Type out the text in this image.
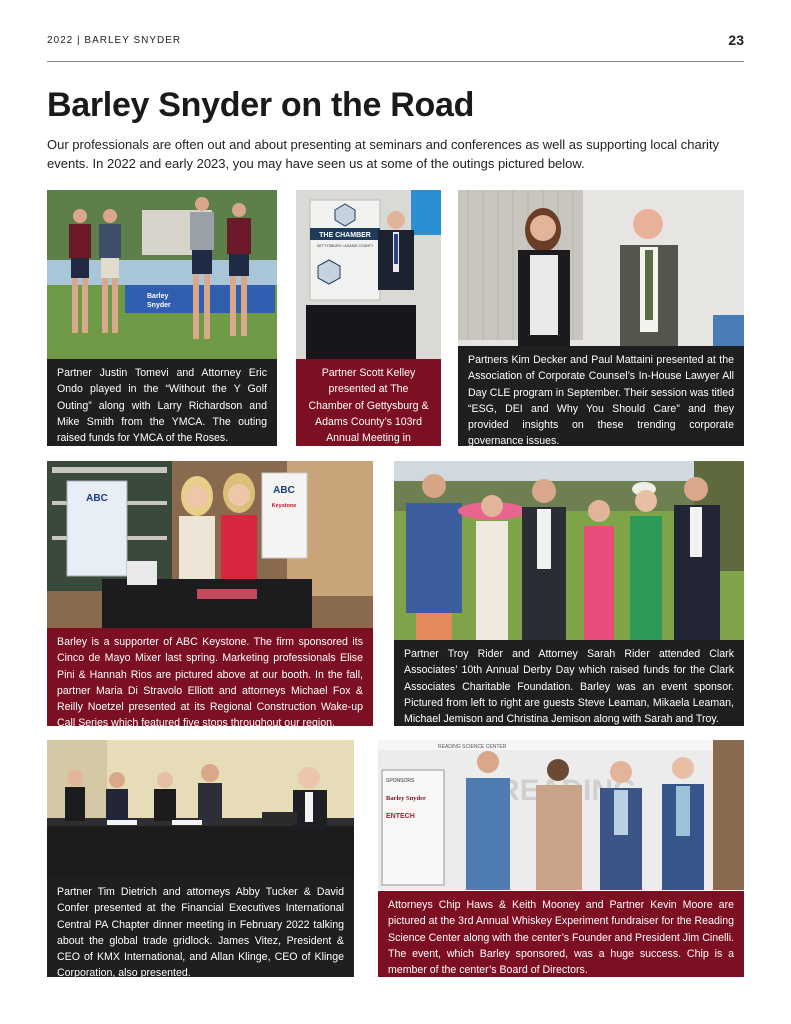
2022 | BARLEY SNYDER	23
Barley Snyder on the Road

Our professionals are often out and about presenting at seminars and conferences as well as supporting local charity events. In 2022 and early 2023, you may have seen us at some of the outings pictured below.

Barley
Snyder
Partner Justin Tomevi and Attorney Eric Ondo played in the “Without the Y Golf Outing” along with Larry Richardson and Mike Smith from the YMCA. The outing raised funds for YMCA of the Roses.
THE CHAMBER
GETTYSBURG • ADAMS COUNTY
Partner Scott Kelley presented at The Chamber of Gettysburg & Adams County’s 103rd Annual Meeting in November.
Partners Kim Decker and Paul Mattaini presented at the Association of Corporate Counsel’s In-House Lawyer All Day CLE program in September. Their session was titled “ESG, DEI and Why You Should Care” and they provided insights on these trending corporate governance issues.
ABC
ABC
Keystone
Barley is a supporter of ABC Keystone. The firm sponsored its Cinco de Mayo Mixer last spring. Marketing professionals Elise Pini & Hannah Rios are pictured above at our booth. In the fall, partner Maria Di Stravolo Elliott and attorneys Michael Fox & Reilly Noetzel presented at its Regional Construction Wake-up Call Series which featured five stops throughout our region.
Partner Troy Rider and Attorney Sarah Rider attended Clark Associates’ 10th Annual Derby Day which raised funds for the Clark Associates Charitable Foundation. Barley was an event sponsor. Pictured from left to right are guests Steve Leaman, Mikaela Leaman, Michael Jemison and Christina Jemison along with Sarah and Troy.
Partner Tim Dietrich and attorneys Abby Tucker & David Confer presented at the Financial Executives International Central PA Chapter dinner meeting in February 2022 talking about the global trade gridlock. James Vitez, President & CEO of KMX International, and Allan Klinge, CEO of Klinge Corporation, also presented.
READING SCIENCE CENTER
SPONSORS
Barley Snyder
ENTECH
Attorneys Chip Haws & Keith Mooney and Partner Kevin Moore are pictured at the 3rd Annual Whiskey Experiment fundraiser for the Reading Science Center along with the center’s Founder and President Jim Cinelli. The event, which Barley sponsored, was a huge success. Chip is a member of the center’s Board of Directors.
